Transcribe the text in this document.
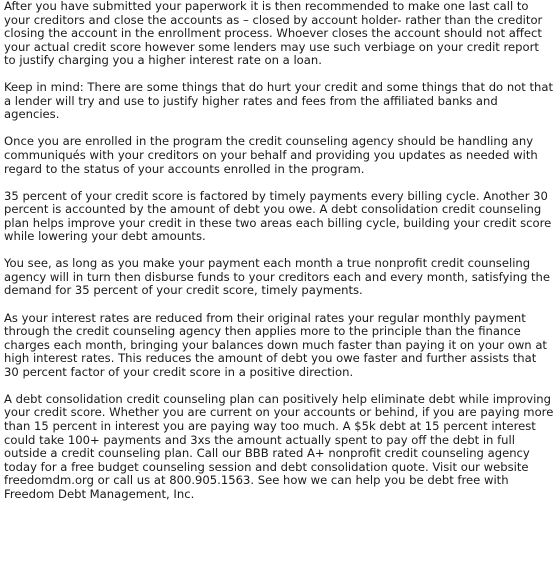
After you have submitted your paperwork it is then recommended to make one last call to your creditors and close the accounts as – closed by account holder- rather than the creditor closing the account in the enrollment process. Whoever closes the account should not affect your actual credit score however some lenders may use such verbiage on your credit report to justify charging you a higher interest rate on a loan.

Keep in mind: There are some things that do hurt your credit and some things that do not that a lender will try and use to justify higher rates and fees from the affiliated banks and agencies.

Once you are enrolled in the program the credit counseling agency should be handling any communiqués with your creditors on your behalf and providing you updates as needed with regard to the status of your accounts enrolled in the program.

35 percent of your credit score is factored by timely payments every billing cycle. Another 30 percent is accounted by the amount of debt you owe. A debt consolidation credit counseling plan helps improve your credit in these two areas each billing cycle, building your credit score while lowering your debt amounts.

You see, as long as you make your payment each month a true nonprofit credit counseling agency will in turn then disburse funds to your creditors each and every month, satisfying the demand for 35 percent of your credit score, timely payments.

As your interest rates are reduced from their original rates your regular monthly payment through the credit counseling agency then applies more to the principle than the finance charges each month, bringing your balances down much faster than paying it on your own at high interest rates. This reduces the amount of debt you owe faster and further assists that 30 percent factor of your credit score in a positive direction.

A debt consolidation credit counseling plan can positively help eliminate debt while improving your credit score. Whether you are current on your accounts or behind, if you are paying more than 15 percent in interest you are paying way too much. A $5k debt at 15 percent interest could take 100+ payments and 3xs the amount actually spent to pay off the debt in full outside a credit counseling plan. Call our BBB rated A+ nonprofit credit counseling agency today for a free budget counseling session and debt consolidation quote. Visit our website freedomdm.org or call us at 800.905.1563. See how we can help you be debt free with Freedom Debt Management, Inc.
